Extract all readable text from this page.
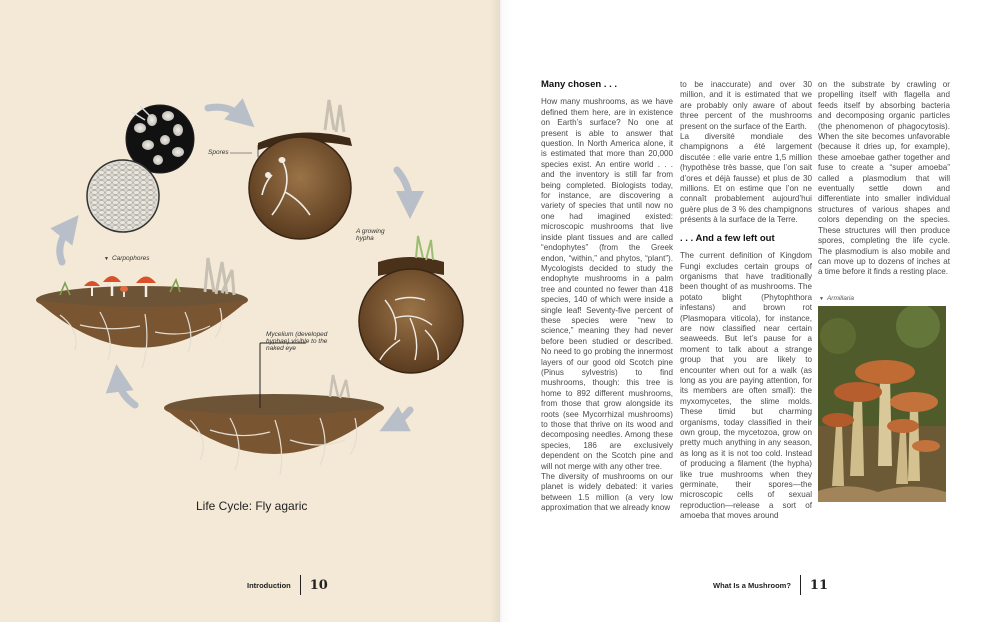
Spores
A growing hypha
▼ Carpophores
Mycelium (developed hyphae) visible to the naked eye
Life Cycle: Fly agaric
Introduction 10
Many chosen . . .

How many mushrooms, as we have defined them here, are in existence on Earth’s surface? No one at present is able to answer that question. In North America alone, it is estimated that more than 20,000 species exist. An entire world . . . and the inventory is still far from being completed. Biologists today, for instance, are discovering a variety of species that until now no one had imagined existed: microscopic mushrooms that live inside plant tissues and are called “endophytes” (from the Greek endon, “within,” and phytos, “plant”). Mycologists decided to study the endophyte mushrooms in a palm tree and counted no fewer than 418 species, 140 of which were inside a single leaf! Seventy-five percent of these species were “new to science,” meaning they had never before been studied or described. No need to go probing the innermost layers of our good old Scotch pine (Pinus sylvestris) to find mushrooms, though: this tree is home to 892 different mushrooms, from those that grow alongside its roots (see Mycorrhizal mushrooms) to those that thrive on its wood and decomposing needles. Among these species, 186 are exclusively dependent on the Scotch pine and will not merge with any other tree.

The diversity of mushrooms on our planet is widely debated: it varies between 1.5 million (a very low approximation that we already know

to be inaccurate) and over 30 million, and it is estimated that we are probably only aware of about three percent of the mushrooms present on the surface of the Earth.

La diversité mondiale des champignons a été largement discutée : elle varie entre 1,5 million (hypothèse très basse, que l’on sait d’ores et déjà fausse) et plus de 30 millions. Et on estime que l’on ne connaît probablement aujourd’hui guère plus de 3 % des champignons présents à la surface de la Terre.

. . . And a few left out

The current definition of Kingdom Fungi excludes certain groups of organisms that have traditionally been thought of as mushrooms. The potato blight (Phytophthora infestans) and brown rot (Plasmopara viticola), for instance, are now classified near certain seaweeds. But let’s pause for a moment to talk about a strange group that you are likely to encounter when out for a walk (as long as you are paying attention, for its members are often small): the myxomycetes, the slime molds. These timid but charming organisms, today classified in their own group, the mycetozoa, grow on pretty much anything in any season, as long as it is not too cold. Instead of producing a filament (the hypha) like true mushrooms when they germinate, their spores—the microscopic cells of sexual reproduction—release a sort of amoeba that moves around

on the substrate by crawling or propelling itself with flagella and feeds itself by absorbing bacteria and decomposing organic particles (the phenomenon of phagocytosis). When the site becomes unfavorable (because it dries up, for example), these amoebae gather together and fuse to create a “super amoeba” called a plasmodium that will eventually settle down and differentiate into smaller individual structures of various shapes and colors depending on the species. These structures will then produce spores, completing the life cycle. The plasmodium is also mobile and can move up to dozens of inches at a time before it finds a resting place.

▼ Armillaria
What Is a Mushroom? 11
